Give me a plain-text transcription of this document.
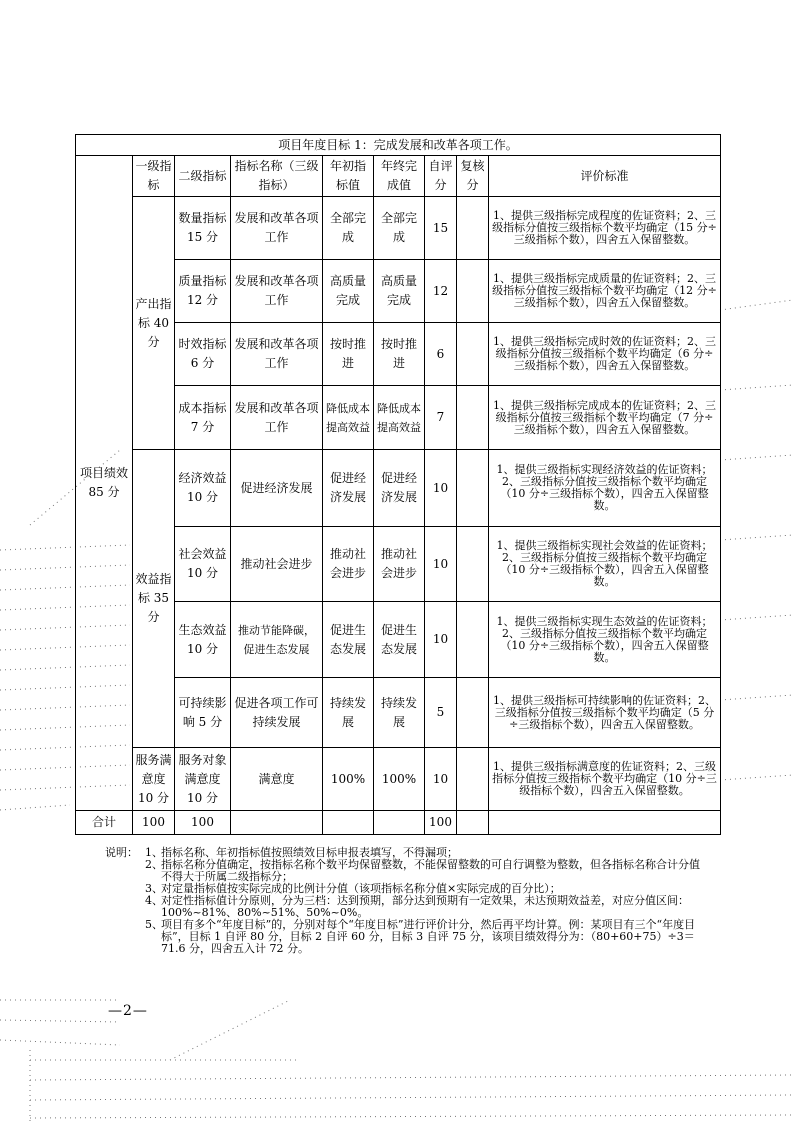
项目年度目标 1：完成发展和改革各项工作。								
项目绩效 85 分	一级指标	二级指标	指标名称（三级指标）	年初指标值	年终完成值	自评分	复核分	评价标准
	产出指标 40 分	数量指标 15 分	发展和改革各项工作	全部完成	全部完成	15		1、提供三级指标完成程度的佐证资料；2、三级指标分值按三级指标个数平均确定（15 分÷三级指标个数），四舍五入保留整数。
		质量指标 12 分	发展和改革各项工作	高质量完成	高质量完成	12		1、提供三级指标完成质量的佐证资料；2、三级指标分值按三级指标个数平均确定（12 分÷三级指标个数），四舍五入保留整数。
		时效指标 6 分	发展和改革各项工作	按时推进	按时推进	6		1、提供三级指标完成时效的佐证资料；2、三级指标分值按三级指标个数平均确定（6 分÷三级指标个数），四舍五入保留整数。
		成本指标 7 分	发展和改革各项工作	降低成本提高效益	降低成本提高效益	7		1、提供三级指标完成成本的佐证资料；2、三级指标分值按三级指标个数平均确定（7 分÷三级指标个数），四舍五入保留整数。
	效益指标 35 分	经济效益 10 分	促进经济发展	促进经济发展	促进经济发展	10		1、提供三级指标实现经济效益的佐证资料；2、三级指标分值按三级指标个数平均确定（10 分÷三级指标个数），四舍五入保留整数。
		社会效益 10 分	推动社会进步	推动社会进步	推动社会进步	10		1、提供三级指标实现社会效益的佐证资料；2、三级指标分值按三级指标个数平均确定（10 分÷三级指标个数），四舍五入保留整数。
		生态效益 10 分	推动节能降碳，促进生态发展	促进生态发展	促进生态发展	10		1、提供三级指标实现生态效益的佐证资料；2、三级指标分值按三级指标个数平均确定（10 分÷三级指标个数），四舍五入保留整数。
		可持续影响 5 分	促进各项工作可持续发展	持续发展	持续发展	5		1、提供三级指标可持续影响的佐证资料；2、三级指标分值按三级指标个数平均确定（5 分÷三级指标个数），四舍五入保留整数。
	服务满意度 10 分	服务对象满意度 10 分	满意度	100%	100%	10		1、提供三级指标满意度的佐证资料；2、三级指标分值按三级指标个数平均确定（10 分÷三级指标个数），四舍五入保留整数。
合计	100	100				100		
说明： 1、
指标名称、年初指标值按照绩效目标申报表填写，不得漏项；
2、
指标名称分值确定，按指标名称个数平均保留整数，不能保留整数的可自行调整为整数，但各指标名称合计分值不得大于所属二级指标分；
3、
对定量指标值按实际完成的比例计分值（该项指标名称分值×实际完成的百分比）；
4、
对定性指标值计分原则，分为三档：达到预期，部分达到预期有一定效果，未达预期效益差，对应分值区间：100%~81%、80%~51%、50%~0%。
5、
项目有多个“年度目标”的，分别对每个“年度目标”进行评价计分，然后再平均计算。例：某项目有三个“年度目标”，目标 1 自评 80 分，目标 2 自评 60 分，目标 3 自评 75 分，该项目绩效得分为：（80+60+75）÷3＝71.6 分，四舍五入计 72 分。
—2—
